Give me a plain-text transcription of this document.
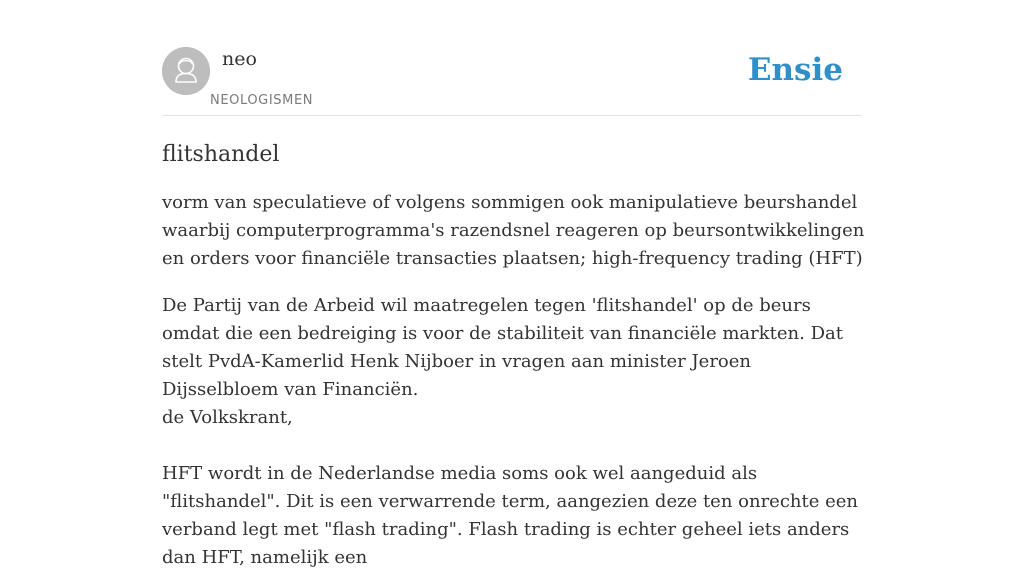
neo
NEOLOGISMEN
Ensie
flitshandel

vorm van speculatieve of volgens sommigen ook manipulatieve beurshandel waarbij computerprogramma's razendsnel reageren op beursontwikkelingen en orders voor financiële transacties plaatsen; high-frequency trading (HFT)

De Partij van de Arbeid wil maatregelen tegen 'flitshandel' op de beurs omdat die een bedreiging is voor de stabiliteit van financiële markten. Dat stelt PvdA-Kamerlid Henk Nijboer in vragen aan minister Jeroen Dijsselbloem van Financiën.
de Volkskrant,

HFT wordt in de Nederlandse media soms ook wel aangeduid als "flitshandel". Dit is een verwarrende term, aangezien deze ten onrechte een verband legt met "flash trading". Flash trading is echter geheel iets anders dan HFT, namelijk een
